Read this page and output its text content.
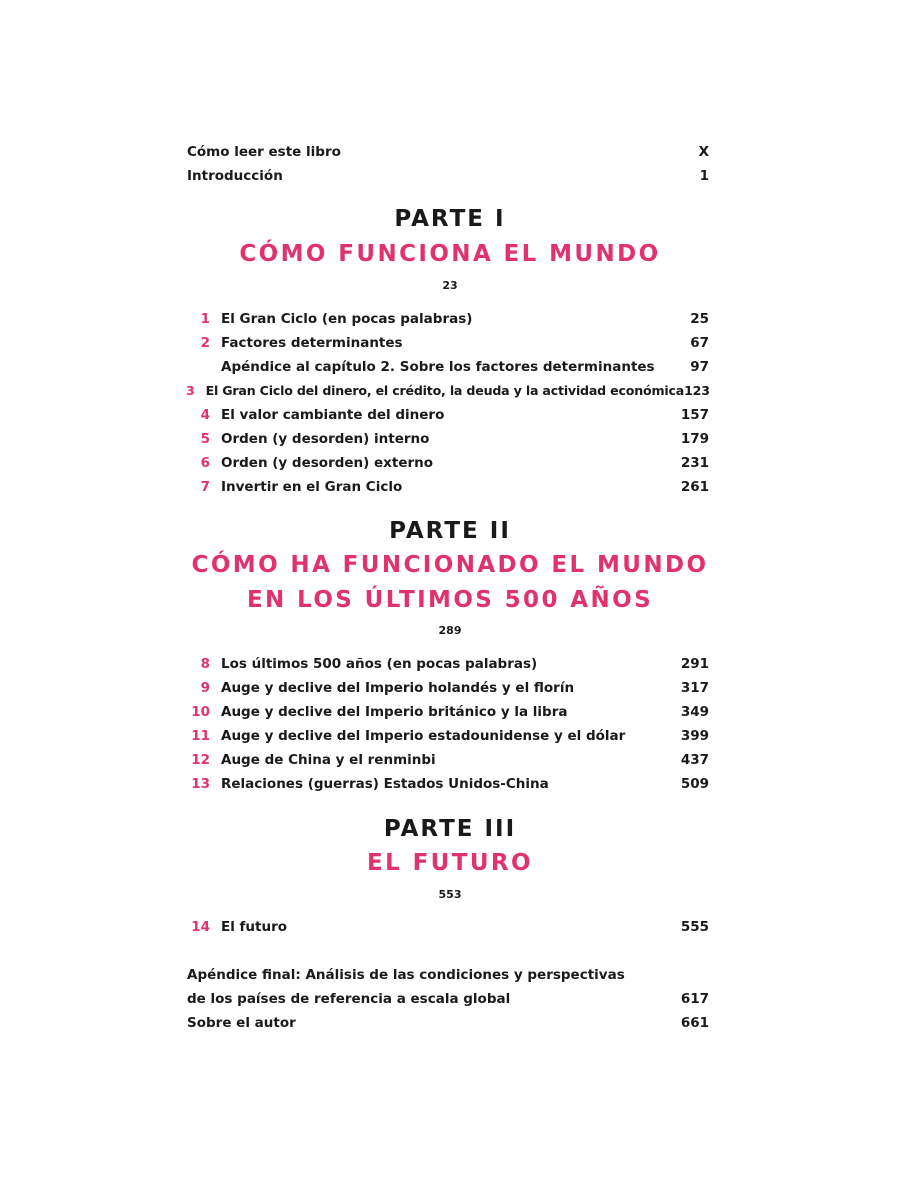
Cómo leer este libro	X
Introducción	1
PARTE I
CÓMO FUNCIONA EL MUNDO
23
1 El Gran Ciclo (en pocas palabras)	25
2 Factores determinantes	67
Apéndice al capítulo 2. Sobre los factores determinantes	97
3 El Gran Ciclo del dinero, el crédito, la deuda y la actividad económica 123
4 El valor cambiante del dinero	157
5 Orden (y desorden) interno	179
6 Orden (y desorden) externo	231
7 Invertir en el Gran Ciclo	261
PARTE II
CÓMO HA FUNCIONADO EL MUNDO
EN LOS ÚLTIMOS 500 AÑOS
289
8 Los últimos 500 años (en pocas palabras)	291
9 Auge y declive del Imperio holandés y el florín	317
10 Auge y declive del Imperio británico y la libra	349
11 Auge y declive del Imperio estadounidense y el dólar	399
12 Auge de China y el renminbi	437
13 Relaciones (guerras) Estados Unidos-China	509
PARTE III
EL FUTURO
553
14 El futuro	555
Apéndice final: Análisis de las condiciones y perspectivas
de los países de referencia a escala global	617
Sobre el autor	661
